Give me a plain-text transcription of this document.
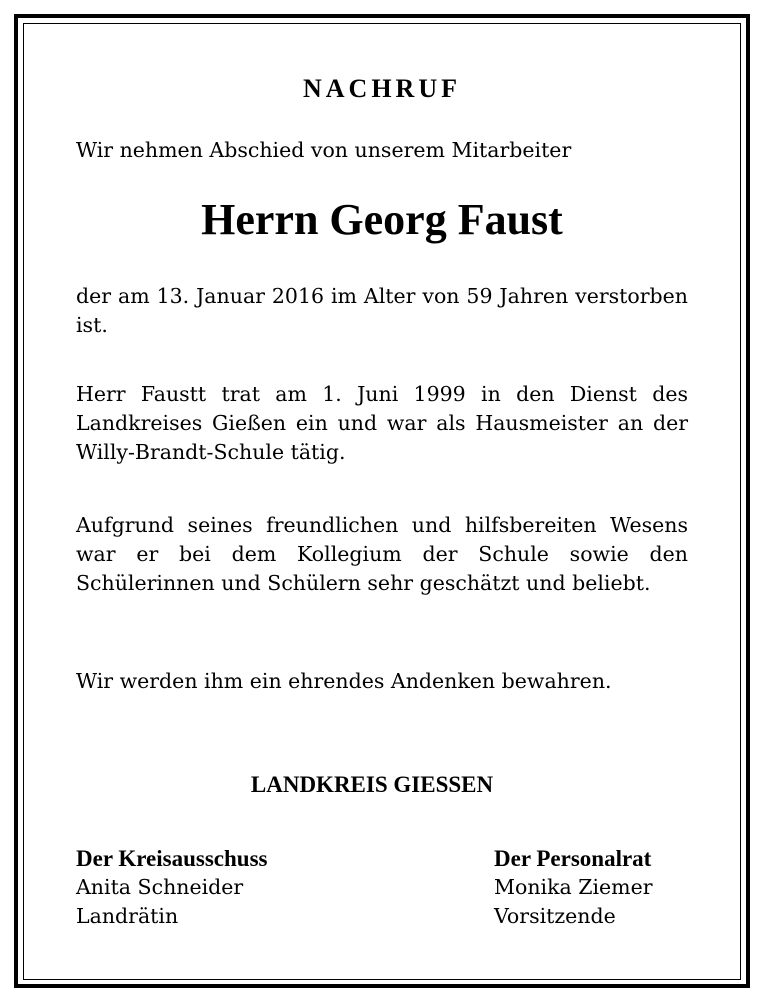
NACHRUF

Wir nehmen Abschied von unserem Mitarbeiter

Herrn Georg Faust

der am 13. Januar 2016 im Alter von 59 Jahren verstorben ist.

Herr Faustt trat am 1. Juni 1999 in den Dienst des Landkreises Gießen ein und war als Hausmeister an der Willy-Brandt-Schule tätig.

Aufgrund seines freundlichen und hilfsbereiten Wesens war er bei dem Kollegium der Schule sowie den Schülerinnen und Schülern sehr geschätzt und beliebt.

Wir werden ihm ein ehrendes Andenken bewahren.

LANDKREIS GIESSEN

Der Kreisausschuss

Anita Schneider

Landrätin

Der Personalrat

Monika Ziemer

Vorsitzende
